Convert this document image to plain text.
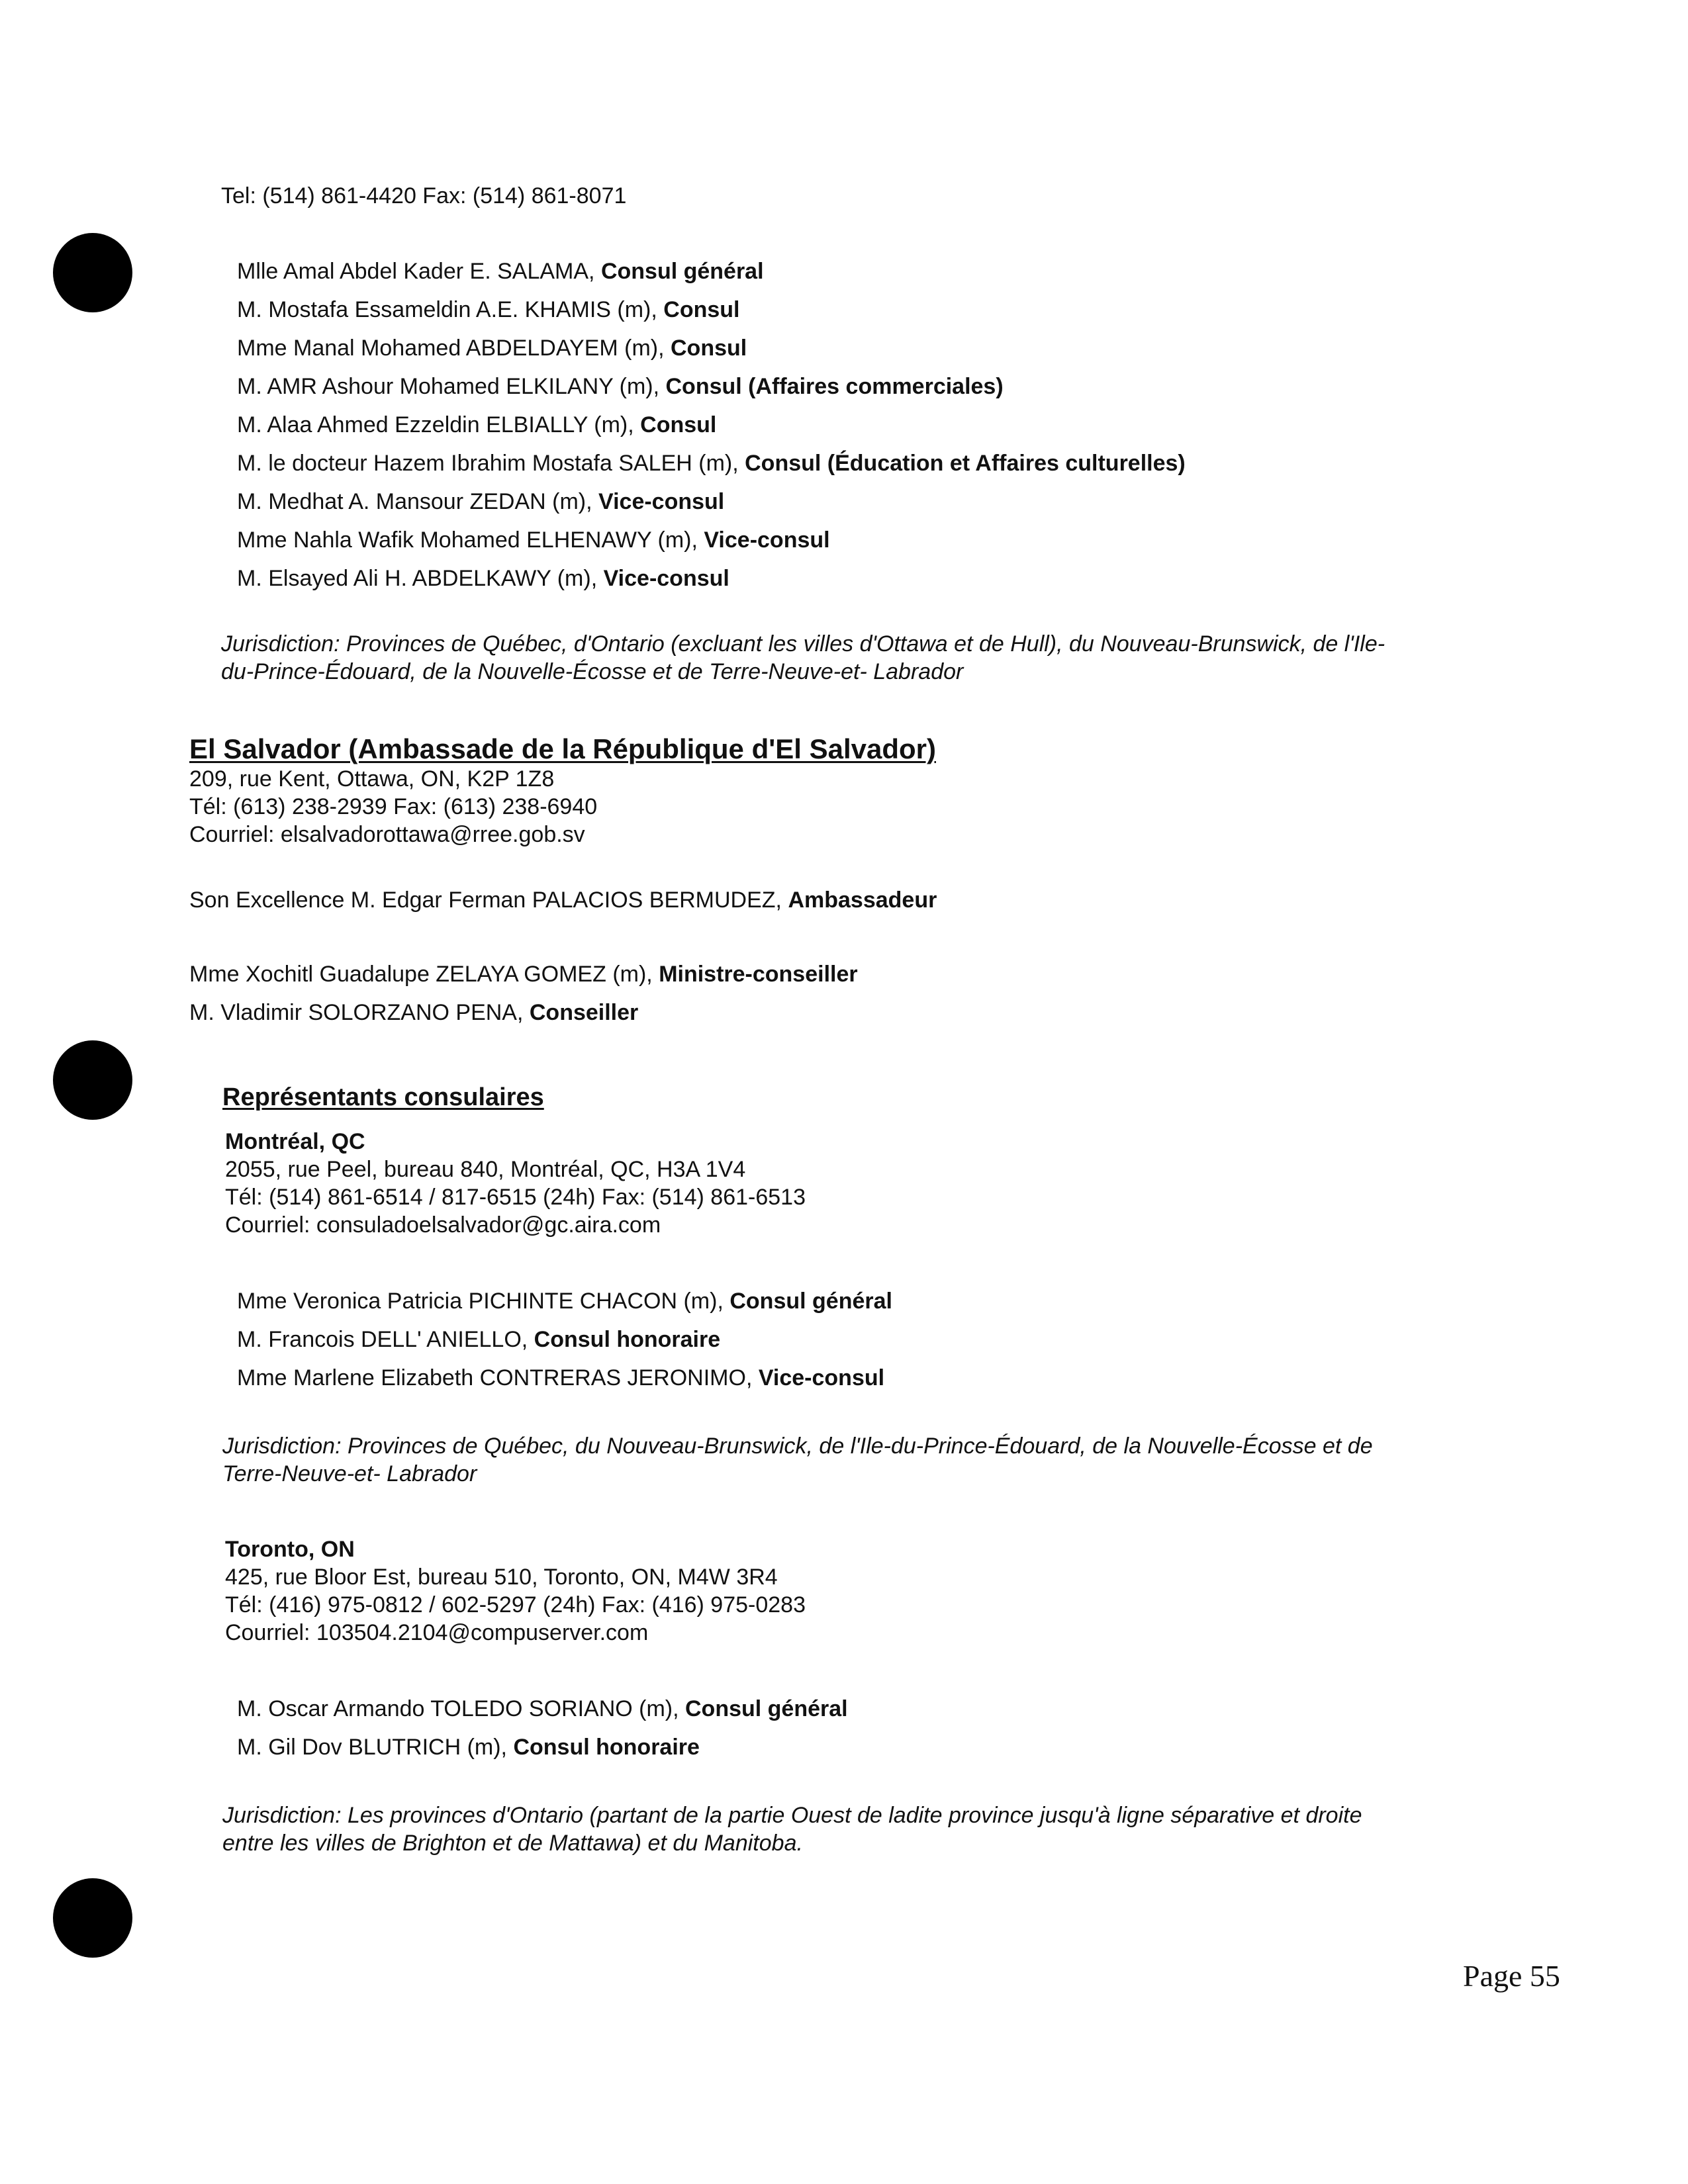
Tel: (514) 861-4420 Fax: (514) 861-8071
Mlle Amal Abdel Kader E. SALAMA, Consul général
M. Mostafa Essameldin A.E. KHAMIS (m), Consul
Mme Manal Mohamed ABDELDAYEM (m), Consul
M. AMR Ashour Mohamed ELKILANY (m), Consul (Affaires commerciales)
M. Alaa Ahmed Ezzeldin ELBIALLY (m), Consul
M. le docteur Hazem Ibrahim Mostafa SALEH (m), Consul (Éducation et Affaires culturelles)
M. Medhat A. Mansour ZEDAN (m), Vice-consul
Mme Nahla Wafik Mohamed ELHENAWY (m), Vice-consul
M. Elsayed Ali H. ABDELKAWY (m), Vice-consul
Jurisdiction: Provinces de Québec, d'Ontario (excluant les villes d'Ottawa et de Hull), du Nouveau-Brunswick, de l'Ile-du-Prince-Édouard, de la Nouvelle-Écosse et de Terre-Neuve-et- Labrador
El Salvador (Ambassade de la République d'El Salvador)
209, rue Kent, Ottawa, ON, K2P 1Z8
Tél: (613) 238-2939 Fax: (613) 238-6940
Courriel: elsalvadorottawa@rree.gob.sv
Son Excellence M. Edgar Ferman PALACIOS BERMUDEZ, Ambassadeur
Mme Xochitl Guadalupe ZELAYA GOMEZ (m), Ministre-conseiller
M. Vladimir SOLORZANO PENA, Conseiller
Représentants consulaires
Montréal, QC
2055, rue Peel, bureau 840, Montréal, QC, H3A 1V4
Tél: (514) 861-6514 / 817-6515 (24h) Fax: (514) 861-6513
Courriel: consuladoelsalvador@gc.aira.com
Mme Veronica Patricia PICHINTE CHACON (m), Consul général
M. Francois DELL' ANIELLO, Consul honoraire
Mme Marlene Elizabeth CONTRERAS JERONIMO, Vice-consul
Jurisdiction: Provinces de Québec, du Nouveau-Brunswick, de l'Ile-du-Prince-Édouard, de la Nouvelle-Écosse et de Terre-Neuve-et- Labrador
Toronto, ON
425, rue Bloor Est, bureau 510, Toronto, ON, M4W 3R4
Tél: (416) 975-0812 / 602-5297 (24h) Fax: (416) 975-0283
Courriel: 103504.2104@compuserver.com
M. Oscar Armando TOLEDO SORIANO (m), Consul général
M. Gil Dov BLUTRICH (m), Consul honoraire
Jurisdiction: Les provinces d'Ontario (partant de la partie Ouest de ladite province jusqu'à ligne séparative et droite entre les villes de Brighton et de Mattawa) et du Manitoba.
Page 55
